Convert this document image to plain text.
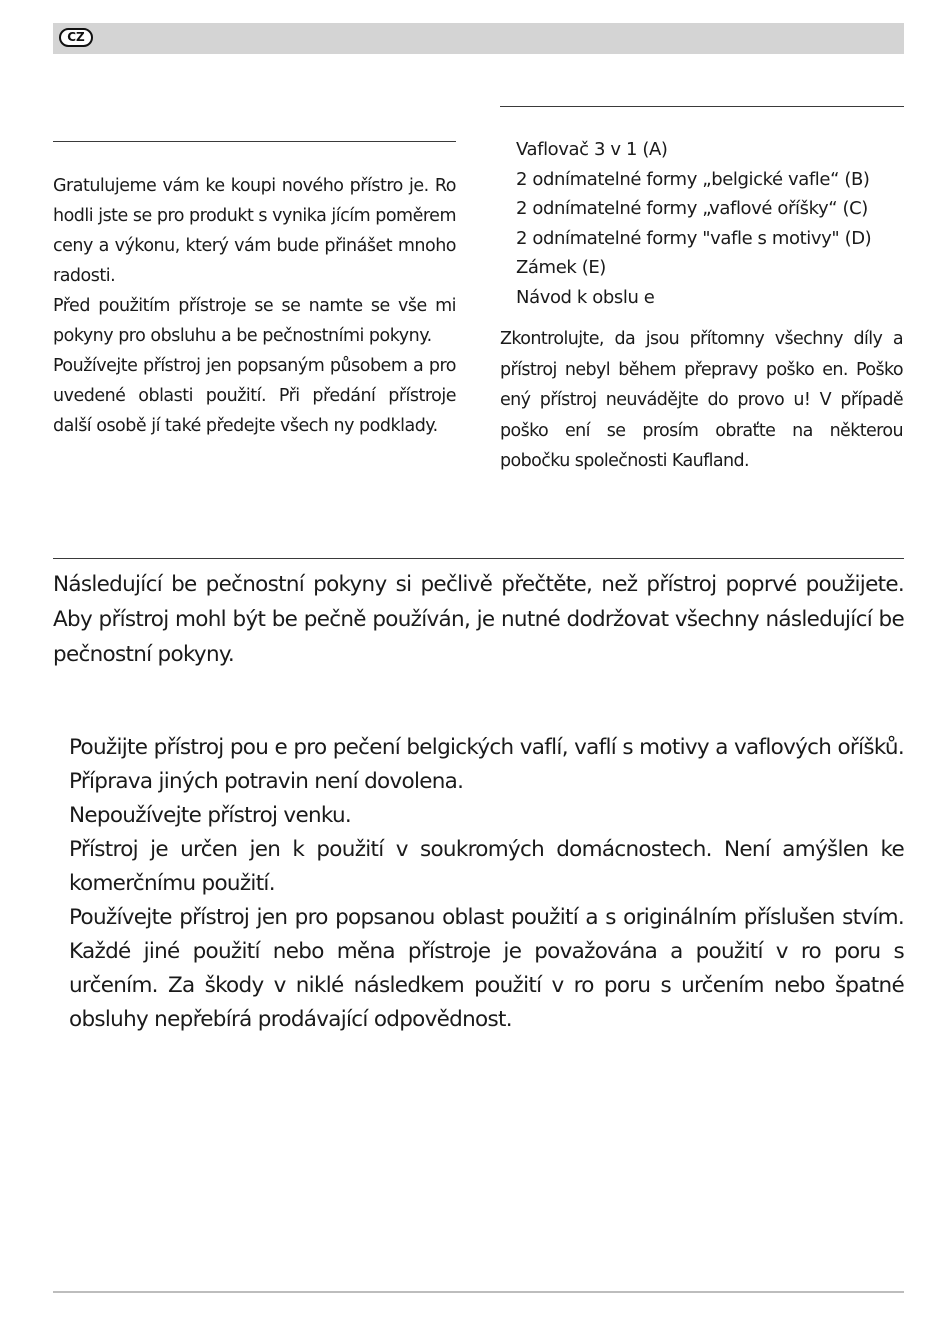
CZ

Gratulujeme vám ke koupi nového přístro je. Ro hodli jste se pro produkt s vynika jícím poměrem ceny a výkonu, který vám bude přinášet mnoho radosti.

Před použitím přístroje se se namte se vše mi pokyny pro obsluhu a be pečnostními pokyny.

Používejte přístroj jen popsaným působem a pro uvedené oblasti použití. Při předání přístroje další osobě jí také předejte všech ny podklady.

Vaflovač 3 v 1 (A)
2 odnímatelné formy „belgické vafle“ (B)
2 odnímatelné formy „vaflové oříšky“ (C)
2 odnímatelné formy "vafle s motivy" (D)
Zámek (E)
Návod k obslu e

Zkontrolujte, da jsou přítomny všechny díly a přístroj nebyl během přepravy poško en. Poško ený přístroj neuvádějte do provo u! V případě poško ení se prosím obraťte na některou pobočku společnosti Kaufland.

Následující be pečnostní pokyny si pečlivě přečtěte, než přístroj poprvé použijete. Aby přístroj mohl být be pečně používán, je nutné dodržovat všechny následující be pečnostní pokyny.

Použijte přístroj pou e pro pečení belgických vaflí, vaflí s motivy a vaflových oříšků. Příprava jiných potravin není dovolena.

Nepoužívejte přístroj venku.

Přístroj je určen jen k použití v soukromých domácnostech. Není amýšlen ke komerčnímu použití.

Používejte přístroj jen pro popsanou oblast použití a s originálním příslušen stvím. Každé jiné použití nebo měna přístroje je považována a použití v ro poru s určením. Za škody v niklé následkem použití v ro poru s určením nebo špatné obsluhy nepřebírá prodávající odpovědnost.
